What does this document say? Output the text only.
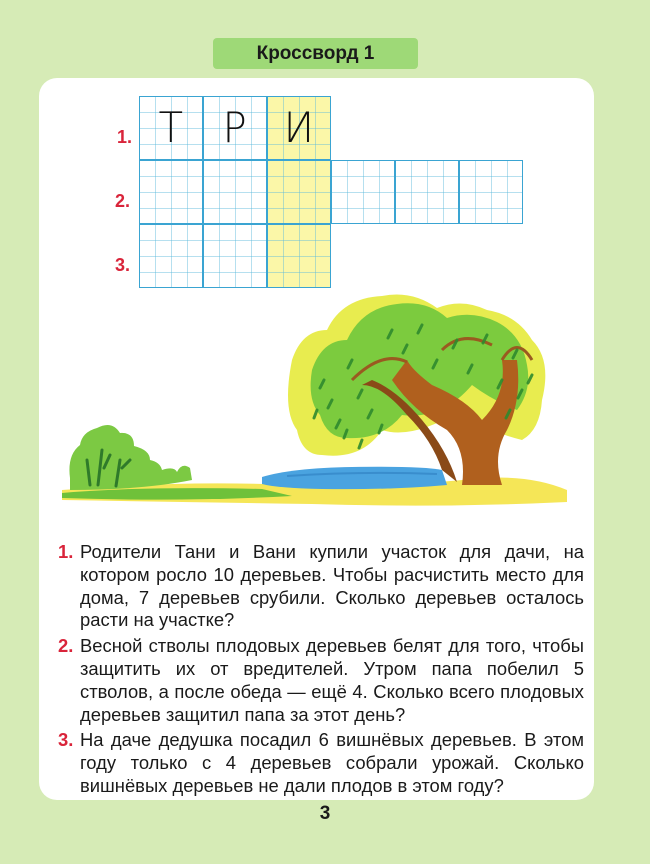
Кроссворд 1
1.
2.
3.
Т Р И
1. Родители Тани и Вани купили участок для дачи, на котором росло 10 деревьев. Чтобы расчистить место для дома, 7 деревьев срубили. Сколько деревьев осталось расти на участке?
2. Весной стволы плодовых деревьев белят для того, чтобы защитить их от вредителей. Утром папа побелил 5 стволов, а после обеда — ещё 4. Сколько всего плодовых деревьев защитил папа за этот день?
3. На даче дедушка посадил 6 вишнёвых деревьев. В этом году только с 4 деревьев собрали урожай. Сколько вишнёвых деревьев не дали плодов в этом году?
3
